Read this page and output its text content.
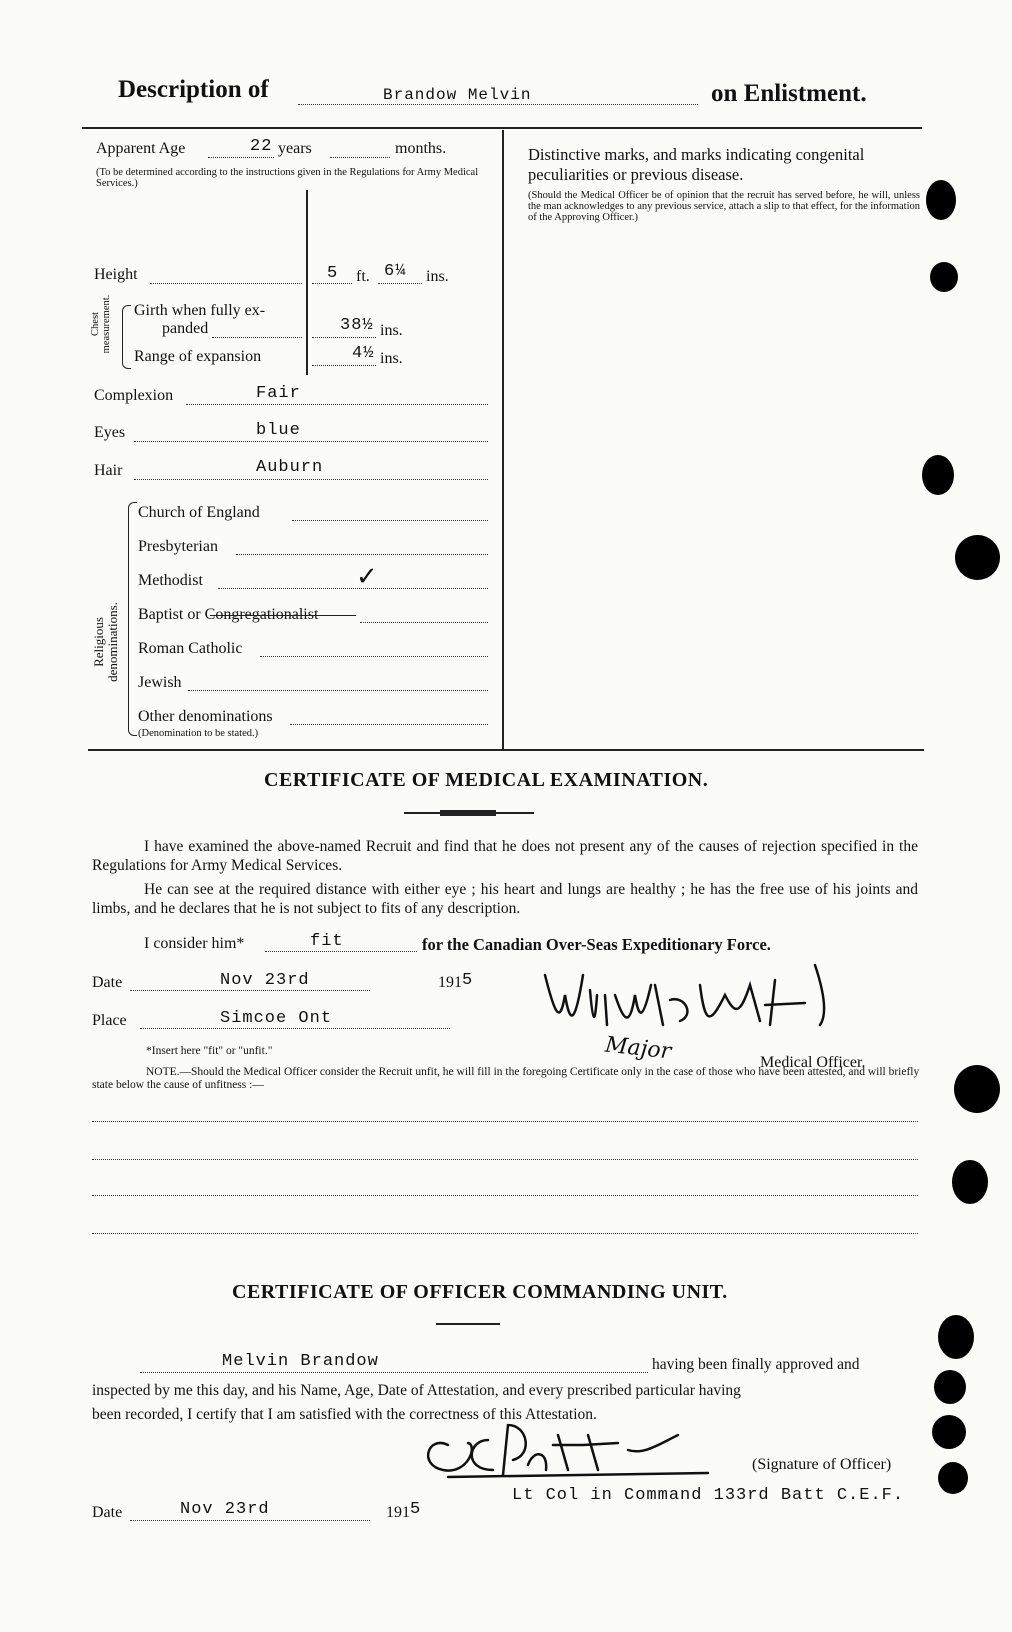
Description of	Brandow Melvin	on Enlistment.
Apparent Age	22 years	months.
(To be determined according to the instructions given in the Regulations for Army Medical Services.)
Height	5 ft. 6¼ ins.
Chest measurement. Girth when fully ex-
panded	38½ ins.
Range of expansion	4½ ins.
Complexion	Fair
Eyes	blue
Hair	Auburn
Religious denominations.
Church of England
Presbyterian
Methodist	✓
Baptist or Congregationalist
Roman Catholic
Jewish
Other denominations
(Denomination to be stated.)
Distinctive marks, and marks indicating congenital peculiarities or previous disease.
(Should the Medical Officer be of opinion that the recruit has served before, he will, unless the man acknowledges to any previous service, attach a slip to that effect, for the information of the Approving Officer.)
CERTIFICATE OF MEDICAL EXAMINATION.
I have examined the above-named Recruit and find that he does not present any of the causes of rejection specified in the Regulations for Army Medical Services.
He can see at the required distance with either eye ; his heart and lungs are healthy ; he has the free use of his joints and limbs, and he declares that he is not subject to fits of any description.
I consider him*	fit	for the Canadian Over-Seas Expeditionary Force.
Date	Nov 23rd	191 5
Place	Simcoe Ont
Major	Medical Officer.
*Insert here "fit" or "unfit."
NOTE.—Should the Medical Officer consider the Recruit unfit, he will fill in the foregoing Certificate only in the case of those who have been attested, and will briefly state below the cause of unfitness :—
CERTIFICATE OF OFFICER COMMANDING UNIT.
Melvin Brandow	having been finally approved and
inspected by me this day, and his Name, Age, Date of Attestation, and every prescribed particular having
been recorded, I certify that I am satisfied with the correctness of this Attestation.
(Signature of Officer)
Date	Nov 23rd	191 5
Lt Col in Command 133rd Batt C.E.F.
